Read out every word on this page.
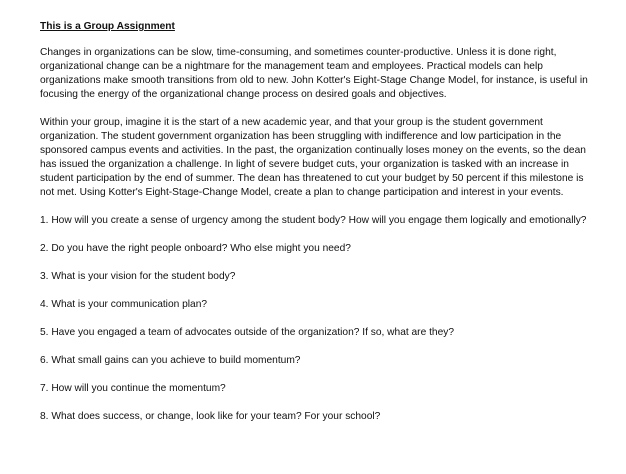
This is a Group Assignment

Changes in organizations can be slow, time-consuming, and sometimes counter-productive. Unless it is done right, organizational change can be a nightmare for the management team and employees. Practical models can help organizations make smooth transitions from old to new. John Kotter's Eight-Stage Change Model, for instance, is useful in focusing the energy of the organizational change process on desired goals and objectives.

Within your group, imagine it is the start of a new academic year, and that your group is the student government organization. The student government organization has been struggling with indifference and low participation in the sponsored campus events and activities. In the past, the organization continually loses money on the events, so the dean has issued the organization a challenge. In light of severe budget cuts, your organization is tasked with an increase in student participation by the end of summer. The dean has threatened to cut your budget by 50 percent if this milestone is not met. Using Kotter's Eight-Stage-Change Model, create a plan to change participation and interest in your events.

1. How will you create a sense of urgency among the student body? How will you engage them logically and emotionally?

2. Do you have the right people onboard? Who else might you need?

3. What is your vision for the student body?

4. What is your communication plan?

5. Have you engaged a team of advocates outside of the organization? If so, what are they?

6. What small gains can you achieve to build momentum?

7. How will you continue the momentum?

8. What does success, or change, look like for your team? For your school?
